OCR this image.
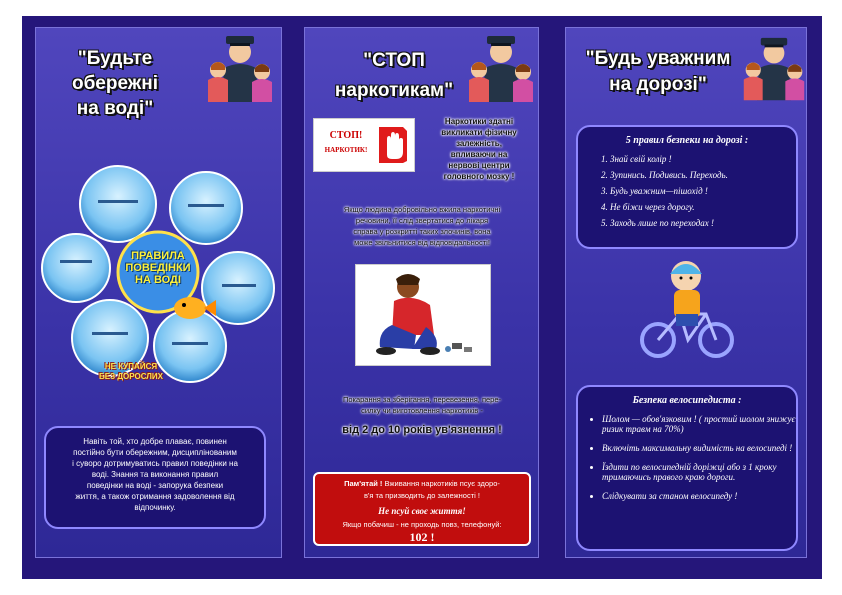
"Будьте
обережні
на воді"
ПРАВИЛА
ПОВЕДІНКИ
НА ВОДІ
НЕ КУПАЙСЯ
БЕЗ ДОРОСЛИХ
Навіть той, хто добре плаває, повинен
постійно бути обережним, дисциплінованим
і суворо дотримуватись правил поведінки на
воді. Знання та виконання правил
поведінки на воді - запорука безпеки
життя, а також отримання задоволення від
відпочинку.
"СТОП
наркотикам"
СТОП!
НАРКОТИК!
Наркотики здатні
викликати фізичну
залежність,
впливаючи на
нервові центри
головного мозку !
Якщо людина добровільно вжила наркотичні
речовини, її слід звертатися до лікаря
справа у розкритті таких злочинів, вона
може звільнитися від відповідальності!
Покарання за зберігання, перевезення, пере-
силку чи виготовлення наркотиків -
від 2 до 10 років ув'язнення !
Пам'ятай ! Вживання наркотиків псує здоро-
в'я та призводить до залежності !
Не псуй своє життя!
Якщо побачиш - не проходь повз, телефонуй:
102 !
"Будь уважним
на дорозі"
5 правил безпеки на дорозі :
1. Знай свій колір !
2. Зупинись. Подивись. Переходь.
3. Будь уважним—пішохід !
4. Не біжи через дорогу.
5. Заходь лише по переходах !
Безпека велосипедиста :
• Шолом — обов'язковим ! ( простий шолом знижує ризик травм на 70%)
• Включіть максимальну видимість на велосипеді !
• Їздити по велосипедній доріжці або з 1 кроку тримаючись правого краю дороги.
• Слідкувати за станом велосипеду !
